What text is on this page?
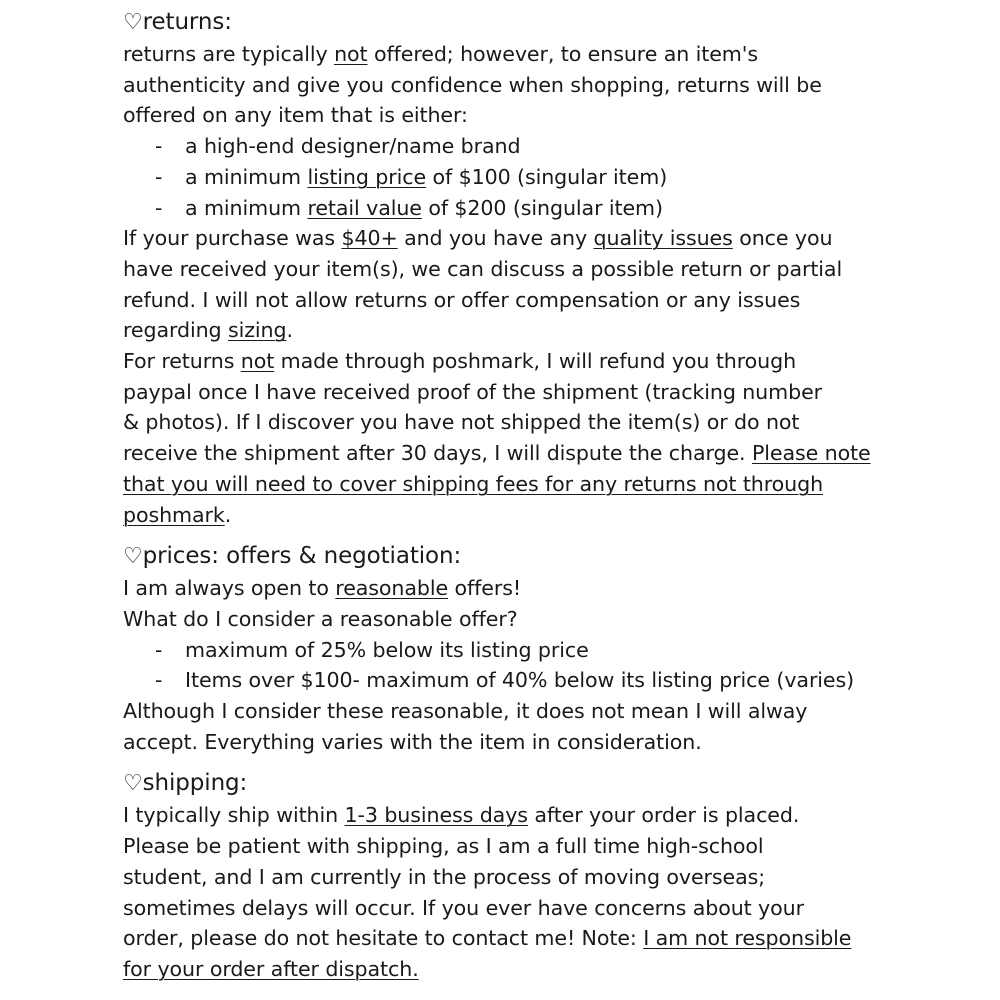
♡returns:
returns are typically not offered; however, to ensure an item's
authenticity and give you confidence when shopping, returns will be
offered on any item that is either:
- a high-end designer/name brand
- a minimum listing price of $100 (singular item)
- a minimum retail value of $200 (singular item)
If your purchase was $40+ and you have any quality issues once you
have received your item(s), we can discuss a possible return or partial
refund. I will not allow returns or offer compensation or any issues
regarding sizing.
For returns not made through poshmark, I will refund you through
paypal once I have received proof of the shipment (tracking number
& photos). If I discover you have not shipped the item(s) or do not
receive the shipment after 30 days, I will dispute the charge. Please note
that you will need to cover shipping fees for any returns not through
poshmark.
♡prices: offers & negotiation:
I am always open to reasonable offers!
What do I consider a reasonable offer?
- maximum of 25% below its listing price
- Items over $100- maximum of 40% below its listing price (varies)
Although I consider these reasonable, it does not mean I will alway
accept. Everything varies with the item in consideration.
♡shipping:
I typically ship within 1-3 business days after your order is placed.
Please be patient with shipping, as I am a full time high-school
student, and I am currently in the process of moving overseas;
sometimes delays will occur. If you ever have concerns about your
order, please do not hesitate to contact me! Note: I am not responsible
for your order after dispatch.
